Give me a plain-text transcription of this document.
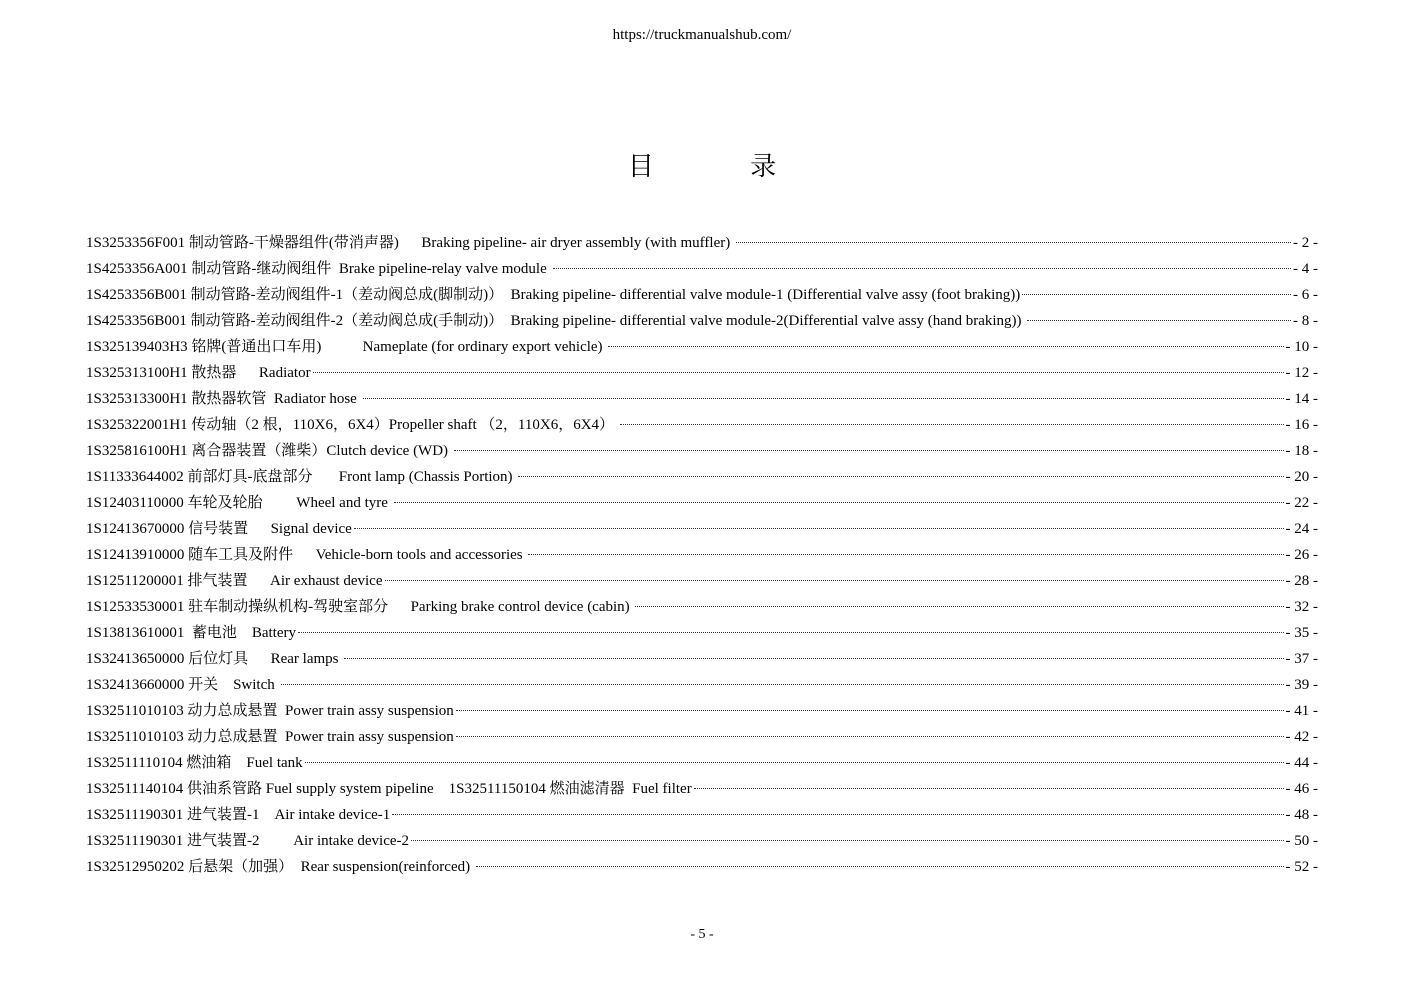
https://truckmanualshub.com/
目 录
1S3253356F001 制动管路-干燥器组件(带消声器)      Braking pipeline- air dryer assembly (with muffler)	- 2 -
1S4253356A001 制动管路-继动阀组件  Brake pipeline-relay valve module	- 4 -
1S4253356B001 制动管路-差动阀组件-1（差动阀总成(脚制动)）  Braking pipeline- differential valve module-1 (Differential valve assy (foot braking))	- 6 -
1S4253356B001 制动管路-差动阀组件-2（差动阀总成(手制动)）  Braking pipeline- differential valve module-2(Differential valve assy (hand braking))	- 8 -
1S325139403H3 铭牌(普通出口车用)           Nameplate (for ordinary export vehicle)	- 10 -
1S325313100H1 散热器      Radiator	- 12 -
1S325313300H1 散热器软管  Radiator hose	- 14 -
1S325322001H1 传动轴（2 根，110X6，6X4）Propeller shaft （2，110X6，6X4）	- 16 -
1S325816100H1 离合器装置（潍柴）Clutch device (WD)	- 18 -
1S11333644002 前部灯具-底盘部分       Front lamp (Chassis Portion)	- 20 -
1S12403110000 车轮及轮胎         Wheel and tyre	- 22 -
1S12413670000 信号装置      Signal device	- 24 -
1S12413910000 随车工具及附件      Vehicle-born tools and accessories	- 26 -
1S12511200001 排气装置      Air exhaust device	- 28 -
1S12533530001 驻车制动操纵机构-驾驶室部分      Parking brake control device (cabin)	- 32 -
1S13813610001  蓄电池    Battery	- 35 -
1S32413650000 后位灯具      Rear lamps	- 37 -
1S32413660000 开关    Switch	- 39 -
1S32511010103 动力总成悬置  Power train assy suspension	- 41 -
1S32511010103 动力总成悬置  Power train assy suspension	- 42 -
1S32511110104 燃油箱    Fuel tank	- 44 -
1S32511140104 供油系管路 Fuel supply system pipeline    1S32511150104 燃油滤清器  Fuel filter	- 46 -
1S32511190301 进气装置-1    Air intake device-1	- 48 -
1S32511190301 进气装置-2         Air intake device-2	- 50 -
1S32512950202 后悬架（加强）  Rear suspension(reinforced)	- 52 -
- 5 -
